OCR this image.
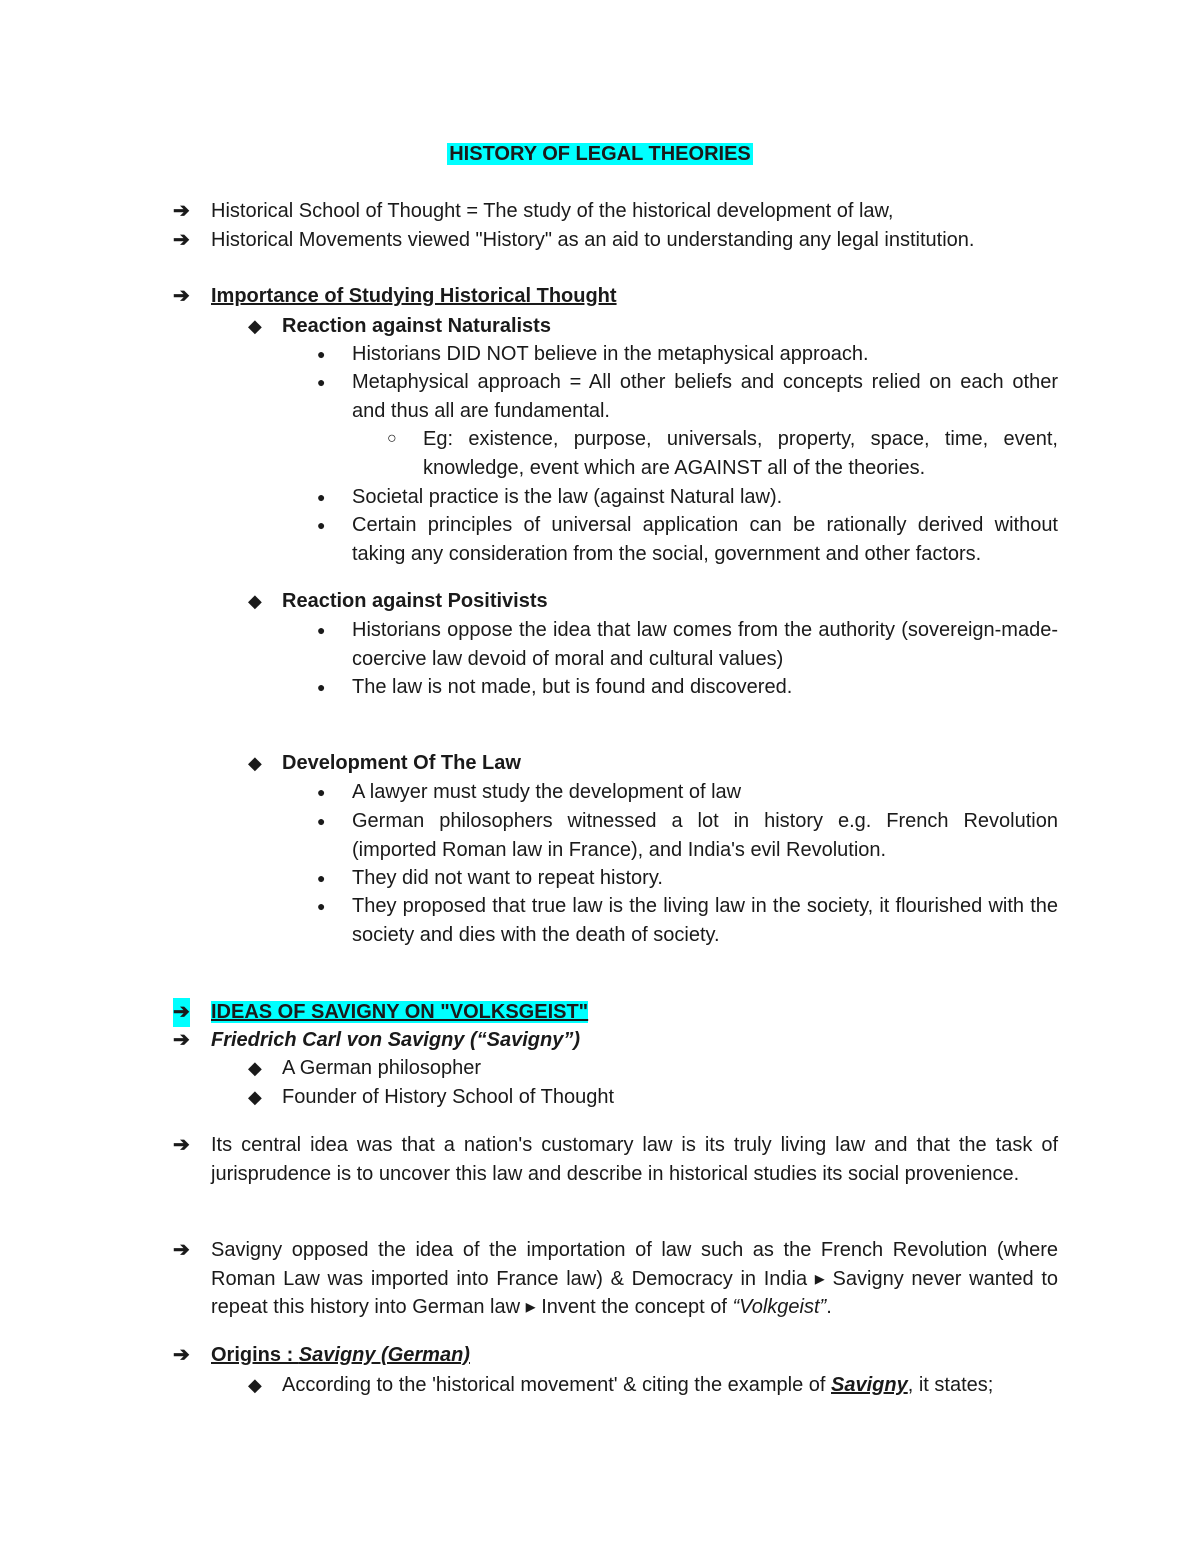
HISTORY OF LEGAL THEORIES
➔ Historical School of Thought = The study of the historical development of law,
➔ Historical Movements viewed "History" as an aid to understanding any legal institution.
➔ Importance of Studying Historical Thought
◆ Reaction against Naturalists
● Historians DID NOT believe in the metaphysical approach.
● Metaphysical approach = All other beliefs and concepts relied on each other and thus all are fundamental.
○ Eg: existence, purpose, universals, property, space, time, event, knowledge, event which are AGAINST all of the theories.
● Societal practice is the law (against Natural law).
● Certain principles of universal application can be rationally derived without taking any consideration from the social, government and other factors.
◆ Reaction against Positivists
● Historians oppose the idea that law comes from the authority (sovereign-made-coercive law devoid of moral and cultural values)
● The law is not made, but is found and discovered.
◆ Development Of The Law
● A lawyer must study the development of law
● German philosophers witnessed a lot in history e.g. French Revolution (imported Roman law in France), and India's evil Revolution.
● They did not want to repeat history.
● They proposed that true law is the living law in the society, it flourished with the society and dies with the death of society.
➔ IDEAS OF SAVIGNY ON "VOLKSGEIST"
➔ Friedrich Carl von Savigny (“Savigny”)
◆ A German philosopher
◆ Founder of History School of Thought
➔ Its central idea was that a nation's customary law is its truly living law and that the task of jurisprudence is to uncover this law and describe in historical studies its social provenience.
➔ Savigny opposed the idea of the importation of law such as the French Revolution (where Roman Law was imported into France law) & Democracy in India ▸ Savigny never wanted to repeat this history into German law ▸ Invent the concept of “Volkgeist”.
➔ Origins : Savigny (German)
◆ According to the 'historical movement' & citing the example of Savigny, it states;
